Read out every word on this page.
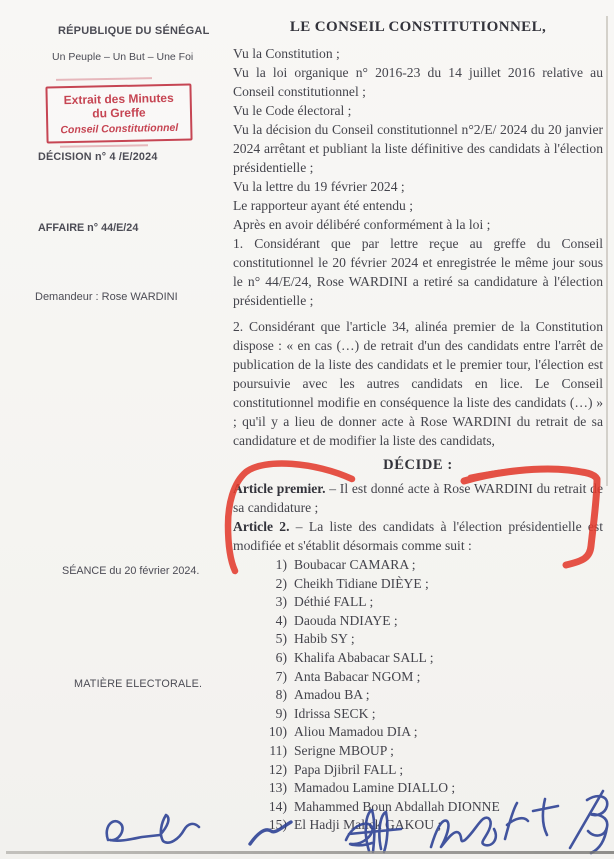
RÉPUBLIQUE DU SÉNÉGAL
Un Peuple – Un But – Une Foi
Extrait des Minutes
du Greffe
Conseil Constitutionnel
DÉCISION n° 4 /E/2024
AFFAIRE n° 44/E/24
Demandeur : Rose WARDINI
SÉANCE du 20 février 2024.
MATIÈRE ELECTORALE.
LE CONSEIL CONSTITUTIONNEL,

Vu la Constitution ;

Vu la loi organique n° 2016-23 du 14 juillet 2016 relative au Conseil constitutionnel ;

Vu le Code électoral ;

Vu la décision du Conseil constitutionnel n°2/E/ 2024 du 20 janvier 2024 arrêtant et publiant la liste définitive des candidats à l'élection présidentielle ;

Vu la lettre du 19 février 2024 ;

Le rapporteur ayant été entendu ;

Après en avoir délibéré conformément à la loi ;

1. Considérant que par lettre reçue au greffe du Conseil constitutionnel le 20 février 2024 et enregistrée le même jour sous le n° 44/E/24, Rose WARDINI a retiré sa candidature à l'élection présidentielle ;

2. Considérant que l'article 34, alinéa premier de la Constitution dispose : « en cas (…) de retrait d'un des candidats entre l'arrêt de publication de la liste des candidats et le premier tour, l'élection est poursuivie avec les autres candidats en lice. Le Conseil constitutionnel modifie en conséquence la liste des candidats (…) » ; qu'il y a lieu de donner acte à Rose WARDINI du retrait de sa candidature et de modifier la liste des candidats,

DÉCIDE :

Article premier. – Il est donné acte à Rose WARDINI du retrait de sa candidature ;

Article 2. – La liste des candidats à l'élection présidentielle est modifiée et s'établit désormais comme suit :

1) Boubacar CAMARA ;
2) Cheikh Tidiane DIÈYE ;
3) Déthié FALL ;
4) Daouda NDIAYE ;
5) Habib SY ;
6) Khalifa Ababacar SALL ;
7) Anta Babacar NGOM ;
8) Amadou BA ;
9) Idrissa SECK ;
10) Aliou Mamadou DIA ;
11) Serigne MBOUP ;
12) Papa Djibril FALL ;
13) Mamadou Lamine DIALLO ;
14) Mahammed Boun Abdallah DIONNE
15) El Hadji Malick GAKOU ;
